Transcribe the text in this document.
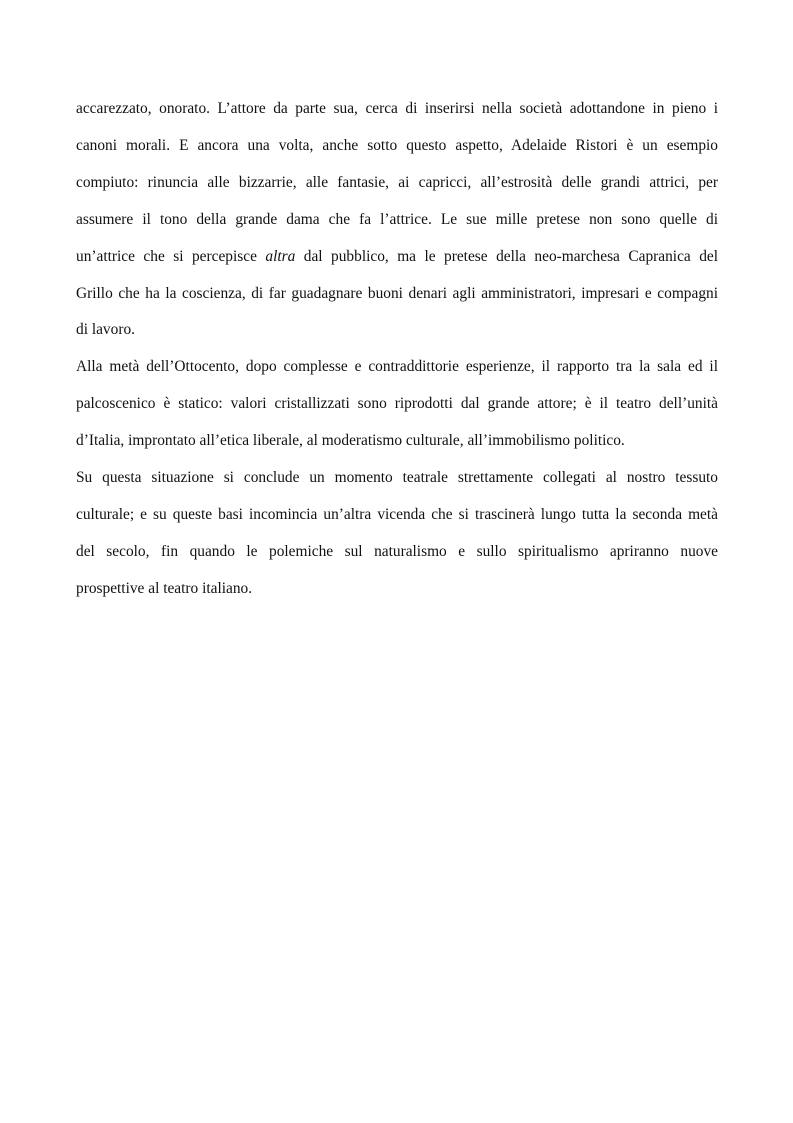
accarezzato, onorato. L’attore da parte sua, cerca di inserirsi nella società adottandone in pieno i
canoni morali. E ancora una volta, anche sotto questo aspetto, Adelaide Ristori è un esempio
compiuto: rinuncia alle bizzarrie, alle fantasie, ai capricci, all’estrosità delle grandi attrici, per
assumere il tono della grande dama che fa l’attrice. Le sue mille pretese non sono quelle di
un’attrice che si percepisce altra dal pubblico, ma le pretese della neo-marchesa Capranica del
Grillo che ha la coscienza, di far guadagnare buoni denari agli amministratori, impresari e compagni
di lavoro.

Alla metà dell’Ottocento, dopo complesse e contraddittorie esperienze, il rapporto tra la sala ed il
palcoscenico è statico: valori cristallizzati sono riprodotti dal grande attore; è il teatro dell’unità
d’Italia, improntato all’etica liberale, al moderatismo culturale, all’immobilismo politico.

Su questa situazione si conclude un momento teatrale strettamente collegati al nostro tessuto
culturale; e su queste basi incomincia un’altra vicenda che si trascinerà lungo tutta la seconda metà
del secolo, fin quando le polemiche sul naturalismo e sullo spiritualismo apriranno nuove
prospettive al teatro italiano.
